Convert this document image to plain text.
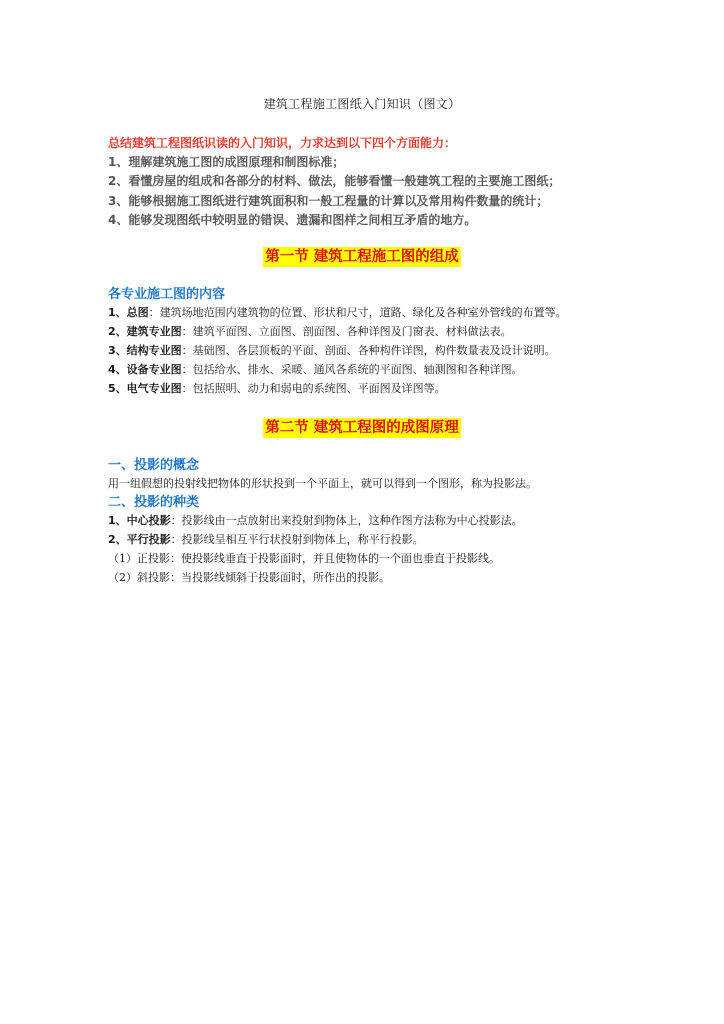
建筑工程施工图纸入门知识（图文）
总结建筑工程图纸识读的入门知识，力求达到以下四个方面能力：
1、理解建筑施工图的成图原理和制图标准；
2、看懂房屋的组成和各部分的材料、做法，能够看懂一般建筑工程的主要施工图纸；
3、能够根据施工图纸进行建筑面积和一般工程量的计算以及常用构件数量的统计；
4、能够发现图纸中较明显的错误、遗漏和图样之间相互矛盾的地方。
第一节 建筑工程施工图的组成
各专业施工图的内容
1、总图：建筑场地范围内建筑物的位置、形状和尺寸，道路、绿化及各种室外管线的布置等。
2、建筑专业图：建筑平面图、立面图、剖面图、各种详图及门窗表、材料做法表。
3、结构专业图：基础图、各层顶板的平面、剖面、各种构件详图，构件数量表及设计说明。
4、设备专业图：包括给水、排水、采暖、通风各系统的平面图、轴测图和各种详图。
5、电气专业图：包括照明、动力和弱电的系统图、平面图及详图等。
第二节 建筑工程图的成图原理
一、投影的概念
用一组假想的投射线把物体的形状投到一个平面上，就可以得到一个图形，称为投影法。
二、投影的种类
1、中心投影：投影线由一点放射出来投射到物体上，这种作图方法称为中心投影法。
2、平行投影：投影线呈相互平行状投射到物体上，称平行投影。
（1）正投影：使投影线垂直于投影面时，并且使物体的一个面也垂直于投影线。
（2）斜投影：当投影线倾斜于投影面时，所作出的投影。
